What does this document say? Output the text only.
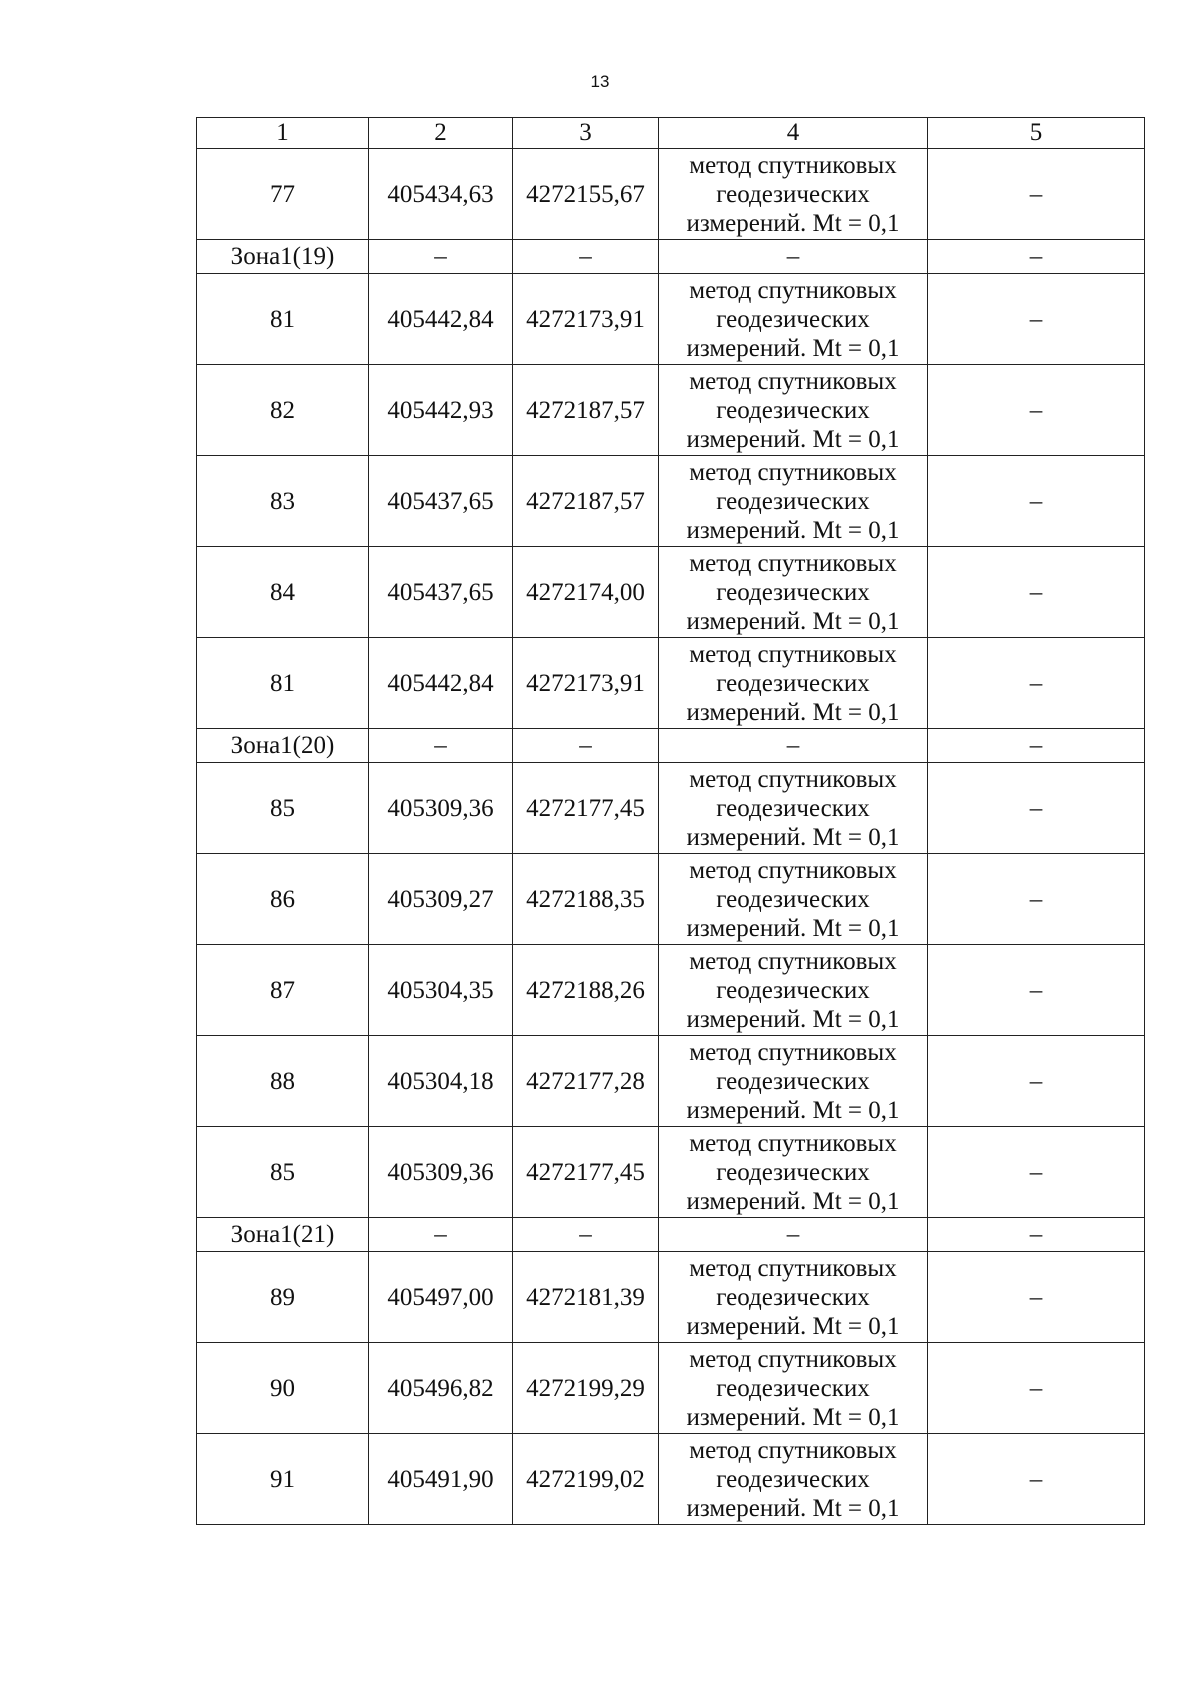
13
1	2	3	4	5
77	405434,63	4272155,67	метод спутниковых
геодезических
измерений. Mt = 0,1	–
Зона1(19)	–	–	–	–
81	405442,84	4272173,91	метод спутниковых
геодезических
измерений. Mt = 0,1	–
82	405442,93	4272187,57	метод спутниковых
геодезических
измерений. Mt = 0,1	–
83	405437,65	4272187,57	метод спутниковых
геодезических
измерений. Mt = 0,1	–
84	405437,65	4272174,00	метод спутниковых
геодезических
измерений. Mt = 0,1	–
81	405442,84	4272173,91	метод спутниковых
геодезических
измерений. Mt = 0,1	–
Зона1(20)	–	–	–	–
85	405309,36	4272177,45	метод спутниковых
геодезических
измерений. Mt = 0,1	–
86	405309,27	4272188,35	метод спутниковых
геодезических
измерений. Mt = 0,1	–
87	405304,35	4272188,26	метод спутниковых
геодезических
измерений. Mt = 0,1	–
88	405304,18	4272177,28	метод спутниковых
геодезических
измерений. Mt = 0,1	–
85	405309,36	4272177,45	метод спутниковых
геодезических
измерений. Mt = 0,1	–
Зона1(21)	–	–	–	–
89	405497,00	4272181,39	метод спутниковых
геодезических
измерений. Mt = 0,1	–
90	405496,82	4272199,29	метод спутниковых
геодезических
измерений. Mt = 0,1	–
91	405491,90	4272199,02	метод спутниковых
геодезических
измерений. Mt = 0,1	–
